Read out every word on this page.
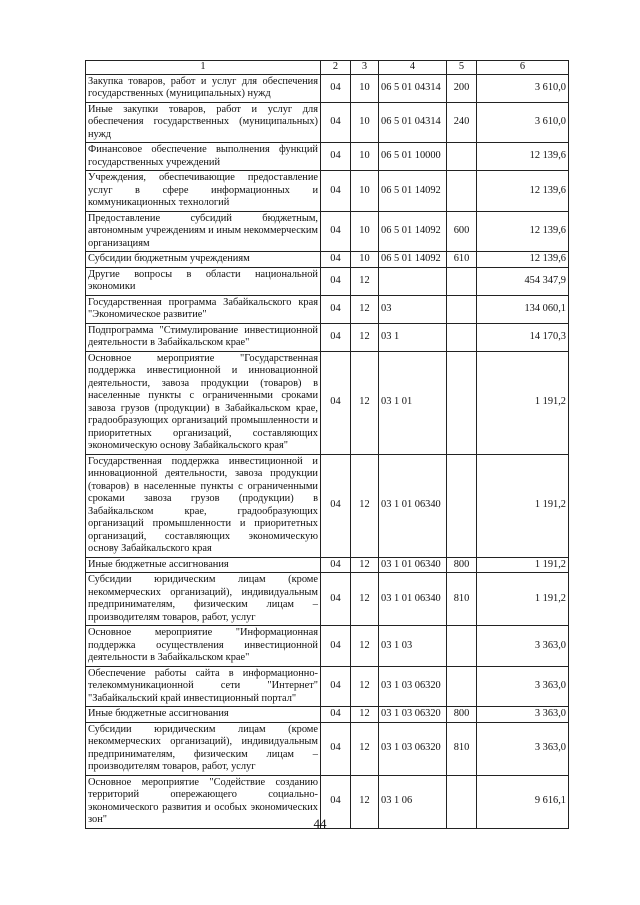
1	2	3	4	5	6
Закупка товаров, работ и услуг для обеспечения государственных (муниципальных) нужд	04	10	06 5 01 04314	200	3 610,0
Иные закупки товаров, работ и услуг для обеспечения государственных (муниципальных) нужд	04	10	06 5 01 04314	240	3 610,0
Финансовое обеспечение выполнения функций государственных учреждений	04	10	06 5 01 10000		12 139,6
Учреждения, обеспечивающие предоставление услуг в сфере информационных и коммуникационных технологий	04	10	06 5 01 14092		12 139,6
Предоставление субсидий бюджетным, автономным учреждениям и иным некоммерческим организациям	04	10	06 5 01 14092	600	12 139,6
Субсидии бюджетным учреждениям	04	10	06 5 01 14092	610	12 139,6
Другие вопросы в области национальной экономики	04	12			454 347,9
Государственная программа Забайкальского края "Экономическое развитие"	04	12	03		134 060,1
Подпрограмма "Стимулирование инвестиционной деятельности в Забайкальском крае"	04	12	03 1		14 170,3
Основное мероприятие "Государственная поддержка инвестиционной и инновационной деятельности, завоза продукции (товаров) в населенные пункты с ограниченными сроками завоза грузов (продукции) в Забайкальском крае, градообразующих организаций промышленности и приоритетных организаций, составляющих экономическую основу Забайкальского края"	04	12	03 1 01		1 191,2
Государственная поддержка инвестиционной и инновационной деятельности, завоза продукции (товаров) в населенные пункты с ограниченными сроками завоза грузов (продукции) в Забайкальском крае, градообразующих организаций промышленности и приоритетных организаций, составляющих экономическую основу Забайкальского края	04	12	03 1 01 06340		1 191,2
Иные бюджетные ассигнования	04	12	03 1 01 06340	800	1 191,2
Субсидии юридическим лицам (кроме некоммерческих организаций), индивидуальным предпринимателям, физическим лицам – производителям товаров, работ, услуг	04	12	03 1 01 06340	810	1 191,2
Основное мероприятие "Информационная поддержка осуществления инвестиционной деятельности в Забайкальском крае"	04	12	03 1 03		3 363,0
Обеспечение работы сайта в информационно-телекоммуникационной сети "Интернет" "Забайкальский край инвестиционный портал"	04	12	03 1 03 06320		3 363,0
Иные бюджетные ассигнования	04	12	03 1 03 06320	800	3 363,0
Субсидии юридическим лицам (кроме некоммерческих организаций), индивидуальным предпринимателям, физическим лицам – производителям товаров, работ, услуг	04	12	03 1 03 06320	810	3 363,0
Основное мероприятие "Содействие созданию территорий опережающего социально-экономического развития и особых экономических зон"	04	12	03 1 06		9 616,1
44
